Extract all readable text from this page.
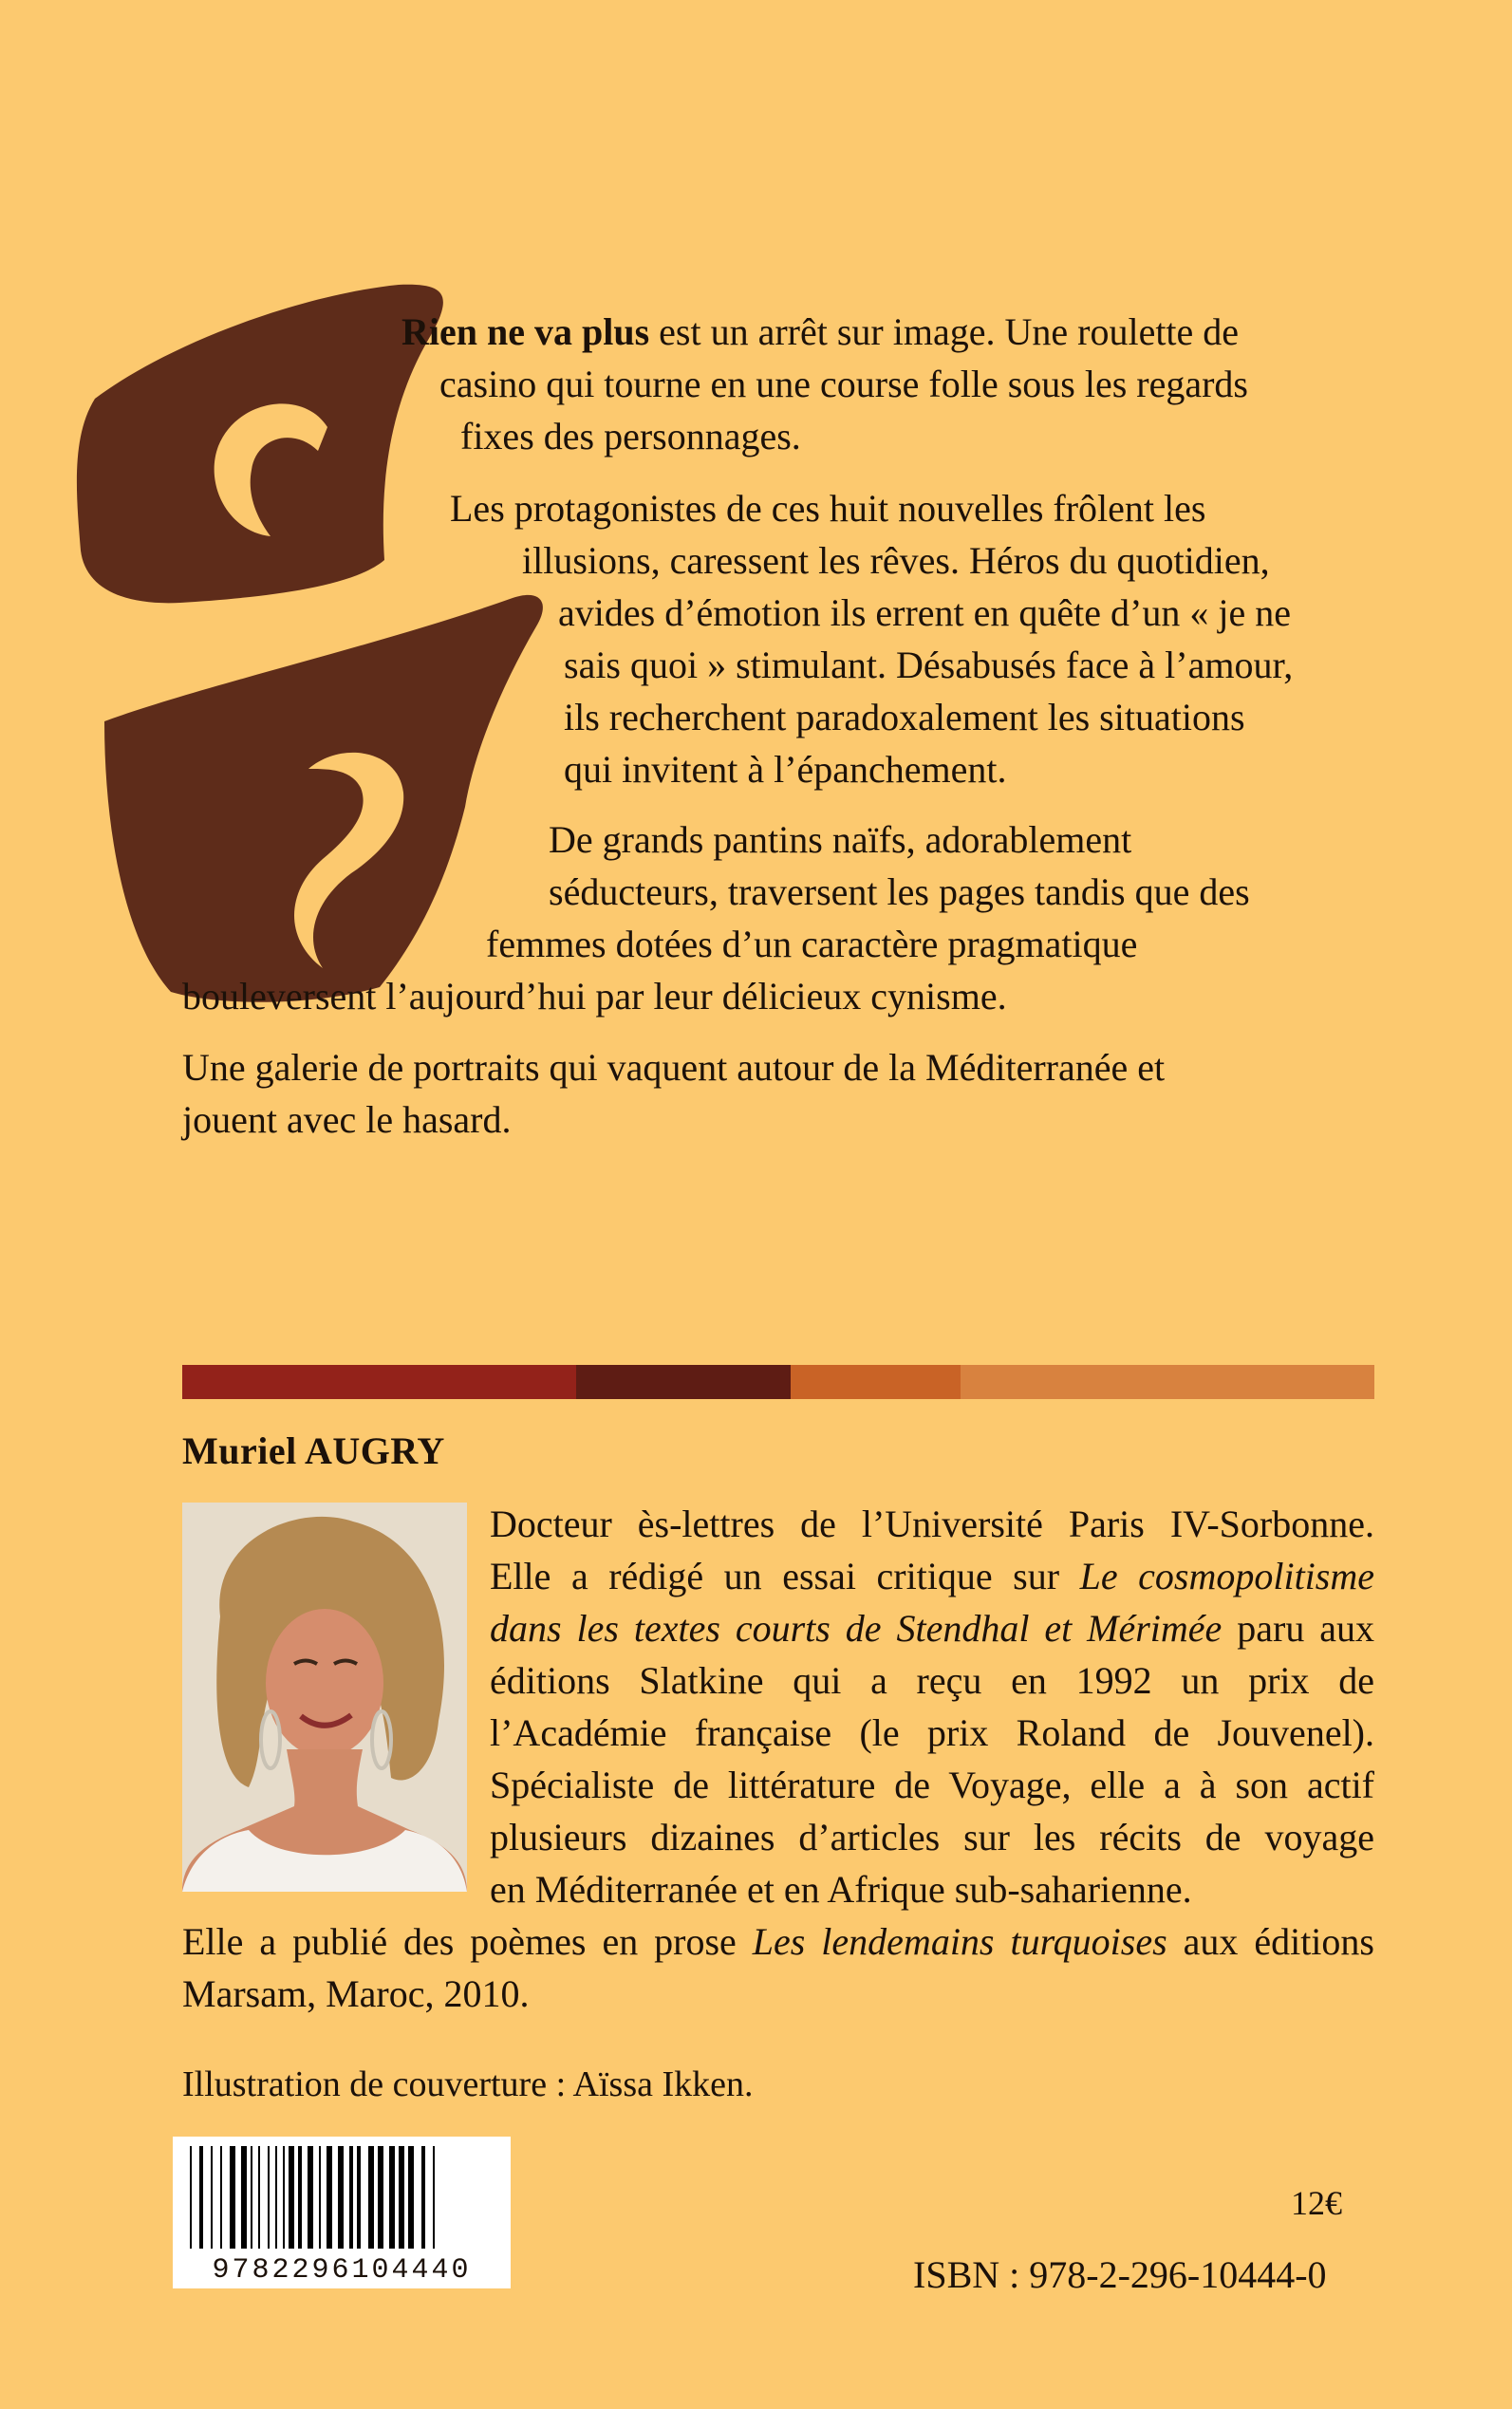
Rien ne va plus est un arrêt sur image. Une roulette de
casino qui tourne en une course folle sous les regards
fixes des personnages.
Les protagonistes de ces huit nouvelles frôlent les
illusions, caressent les rêves. Héros du quotidien,
avides d’émotion ils errent en quête d’un « je ne
sais quoi » stimulant. Désabusés face à l’amour,
ils recherchent paradoxalement les situations
qui invitent à l’épanchement.
De grands pantins naïfs, adorablement
séducteurs, traversent les pages tandis que des
femmes dotées d’un caractère pragmatique
bouleversent l’aujourd’hui par leur délicieux cynisme.
Une galerie de portraits qui vaquent autour de la Méditerranée et
jouent avec le hasard.
Muriel AUGRY
Docteur ès-lettres de l’Université Paris IV-Sorbonne.
Elle a rédigé un essai critique sur Le cosmopolitisme
dans les textes courts de Stendhal et Mérimée paru aux
éditions Slatkine qui a reçu en 1992 un prix de
l’Académie française (le prix Roland de Jouvenel).
Spécialiste de littérature de Voyage, elle a à son actif
plusieurs dizaines d’articles sur les récits de voyage
en Méditerranée et en Afrique sub-saharienne.
Elle a publié des poèmes en prose Les lendemains turquoises aux éditions
Marsam, Maroc, 2010.
Illustration de couverture : Aïssa Ikken.
9782296104440
12€
ISBN : 978-2-296-10444-0
